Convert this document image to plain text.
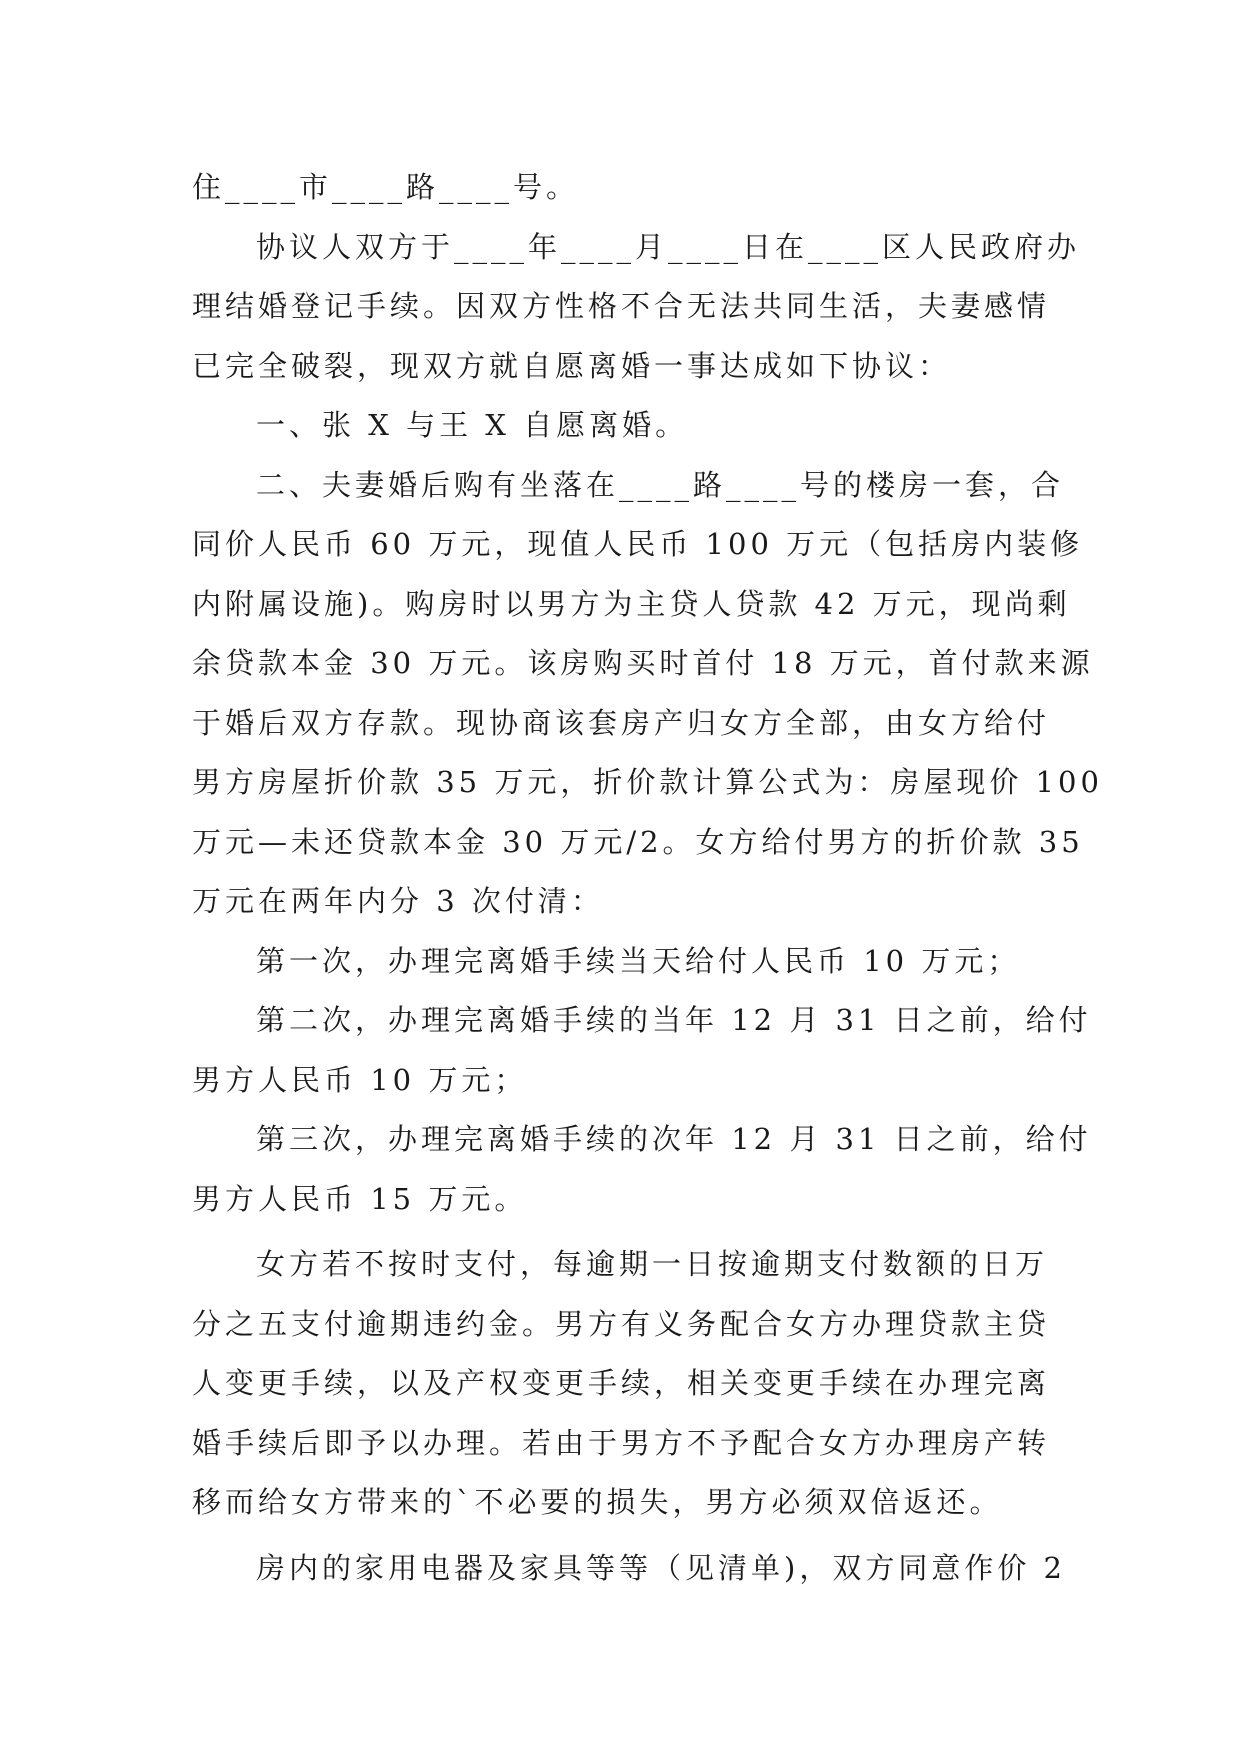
住____市____路____号。
协议人双方于____年____月____日在____区人民政府办
理结婚登记手续。因双方性格不合无法共同生活，夫妻感情
已完全破裂，现双方就自愿离婚一事达成如下协议：
一、张 X 与王 X 自愿离婚。
二、夫妻婚后购有坐落在____路____号的楼房一套，合
同价人民币 60 万元，现值人民币 100 万元（包括房内装修
内附属设施)。购房时以男方为主贷人贷款 42 万元，现尚剩
余贷款本金 30 万元。该房购买时首付 18 万元，首付款来源
于婚后双方存款。现协商该套房产归女方全部，由女方给付
男方房屋折价款 35 万元，折价款计算公式为：房屋现价 100
万元—未还贷款本金 30 万元/2。女方给付男方的折价款 35
万元在两年内分 3 次付清：
第一次，办理完离婚手续当天给付人民币 10 万元；
第二次，办理完离婚手续的当年 12 月 31 日之前，给付
男方人民币 10 万元；
第三次，办理完离婚手续的次年 12 月 31 日之前，给付
男方人民币 15 万元。
女方若不按时支付，每逾期一日按逾期支付数额的日万
分之五支付逾期违约金。男方有义务配合女方办理贷款主贷
人变更手续，以及产权变更手续，相关变更手续在办理完离
婚手续后即予以办理。若由于男方不予配合女方办理房产转
移而给女方带来的`不必要的损失，男方必须双倍返还。
房内的家用电器及家具等等（见清单)，双方同意作价 2
